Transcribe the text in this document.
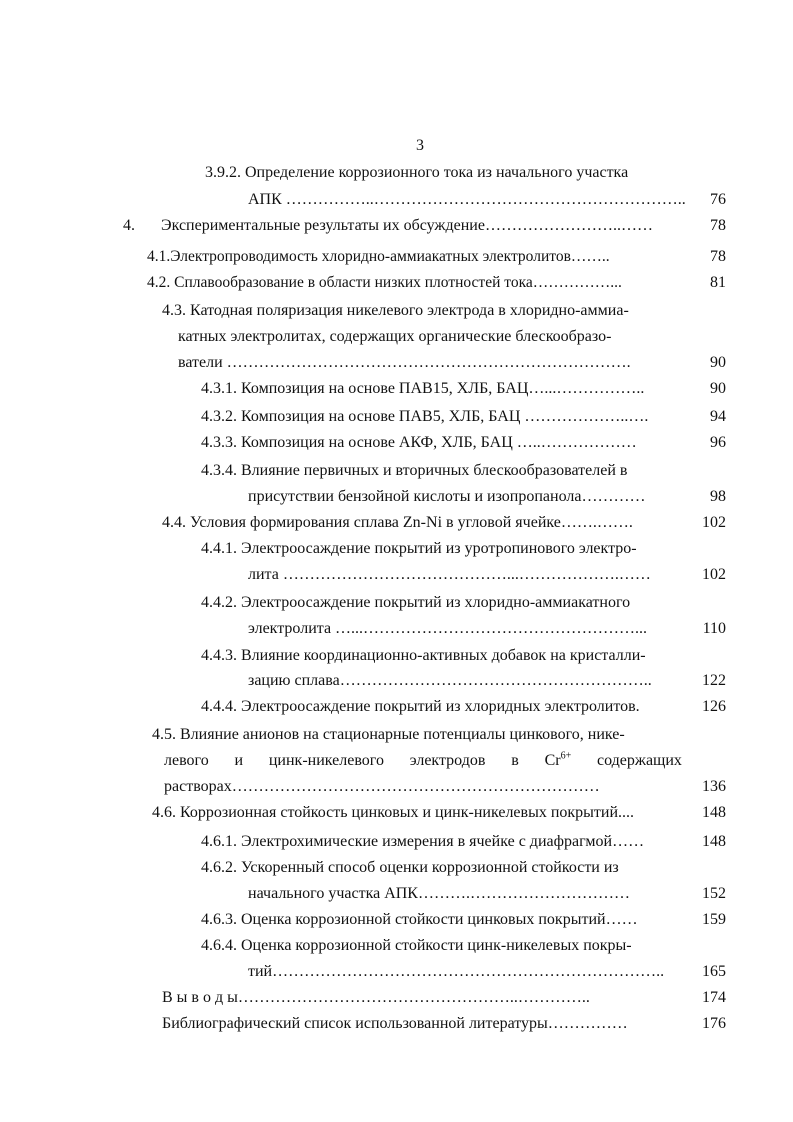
3
3.9.2. Определение коррозионного тока из начального участка
АПК ……………..…………………………………………………..	76
4. Экспериментальные результаты их обсуждение……………………..……	78
4.1.Электропроводимость хлоридно-аммиакатных электролитов……..	78
4.2. Сплавообразование в области низких плотностей тока……………...	81
4.3. Катодная поляризация никелевого электрода в хлоридно-аммиа-
катных электролитах, содержащих органические блескообразо-
ватели ………………………………………………………………….	90
4.3.1. Композиция на основе ПАВ15, ХЛБ, БАЦ…...……………..	90
4.3.2. Композиция на основе ПАВ5, ХЛБ, БАЦ ………………..….	94
4.3.3. Композиция на основе АКФ, ХЛБ, БАЦ …..………………	96
4.3.4. Влияние первичных и вторичных блескообразователей в
присутствии бензойной кислоты и изопропанола…………	98
4.4. Условия формирования сплава Zn-Ni в угловой ячейке…….…….	102
4.4.1. Электроосаждение покрытий из уротропинового электро-
лита ……………………………………...……………….……	102
4.4.2. Электроосаждение покрытий из хлоридно-аммиакатного
электролита …...……………………………………………...	110
4.4.3. Влияние координационно-активных добавок на кристалли-
зацию сплава…………………………………………………..	122
4.4.4. Электроосаждение покрытий из хлоридных электролитов.	126
4.5. Влияние анионов на стационарные потенциалы цинкового, нике-
левого и цинк-никелевого электродов в $Cr^{6+}$ содержащих
растворах……………………………………………………………	136
4.6. Коррозионная стойкость цинковых и цинк-никелевых покрытий....	148
4.6.1. Электрохимические измерения в ячейке с диафрагмой……	148
4.6.2. Ускоренный способ оценки коррозионной стойкости из
начального участка АПК……….…………………………	152
4.6.3. Оценка коррозионной стойкости цинковых покрытий……	159
4.6.4. Оценка коррозионной стойкости цинк-никелевых покры-
тий………………………………………………………………..	165
В ы в о д ы……………………………………………..…………..	174
Библиографический список использованной литературы……………	176
